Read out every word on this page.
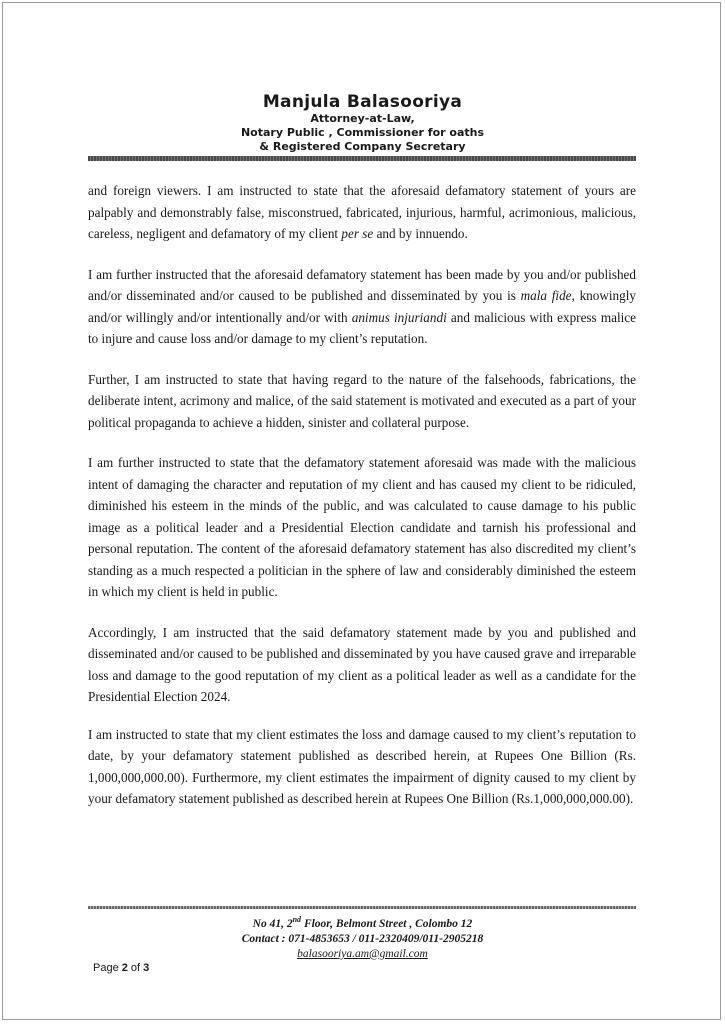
Manjula Balasooriya
Attorney-at-Law,
Notary Public , Commissioner for oaths
& Registered Company Secretary

and foreign viewers. I am instructed to state that the aforesaid defamatory statement of yours are palpably and demonstrably false, misconstrued, fabricated, injurious, harmful, acrimonious, malicious, careless, negligent and defamatory of my client per se and by innuendo.

I am further instructed that the aforesaid defamatory statement has been made by you and/or published and/or disseminated and/or caused to be published and disseminated by you is mala fide, knowingly and/or willingly and/or intentionally and/or with animus injuriandi and malicious with express malice to injure and cause loss and/or damage to my client’s reputation.

Further, I am instructed to state that having regard to the nature of the falsehoods, fabrications, the deliberate intent, acrimony and malice, of the said statement is motivated and executed as a part of your political propaganda to achieve a hidden, sinister and collateral purpose.

I am further instructed to state that the defamatory statement aforesaid was made with the malicious intent of damaging the character and reputation of my client and has caused my client to be ridiculed, diminished his esteem in the minds of the public, and was calculated to cause damage to his public image as a political leader and a Presidential Election candidate and tarnish his professional and personal reputation. The content of the aforesaid defamatory statement has also discredited my client’s standing as a much respected a politician in the sphere of law and considerably diminished the esteem in which my client is held in public.

Accordingly, I am instructed that the said defamatory statement made by you and published and disseminated and/or caused to be published and disseminated by you have caused grave and irreparable loss and damage to the good reputation of my client as a political leader as well as a candidate for the Presidential Election 2024.

I am instructed to state that my client estimates the loss and damage caused to my client’s reputation to date, by your defamatory statement published as described herein, at Rupees One Billion (Rs. 1,000,000,000.00). Furthermore, my client estimates the impairment of dignity caused to my client by your defamatory statement published as described herein at Rupees One Billion (Rs.1,000,000,000.00).

No 41, 2nd Floor, Belmont Street , Colombo 12
Contact : 071-4853653 / 011-2320409/011-2905218
balasooriya.am@gmail.com
Page 2 of 3
